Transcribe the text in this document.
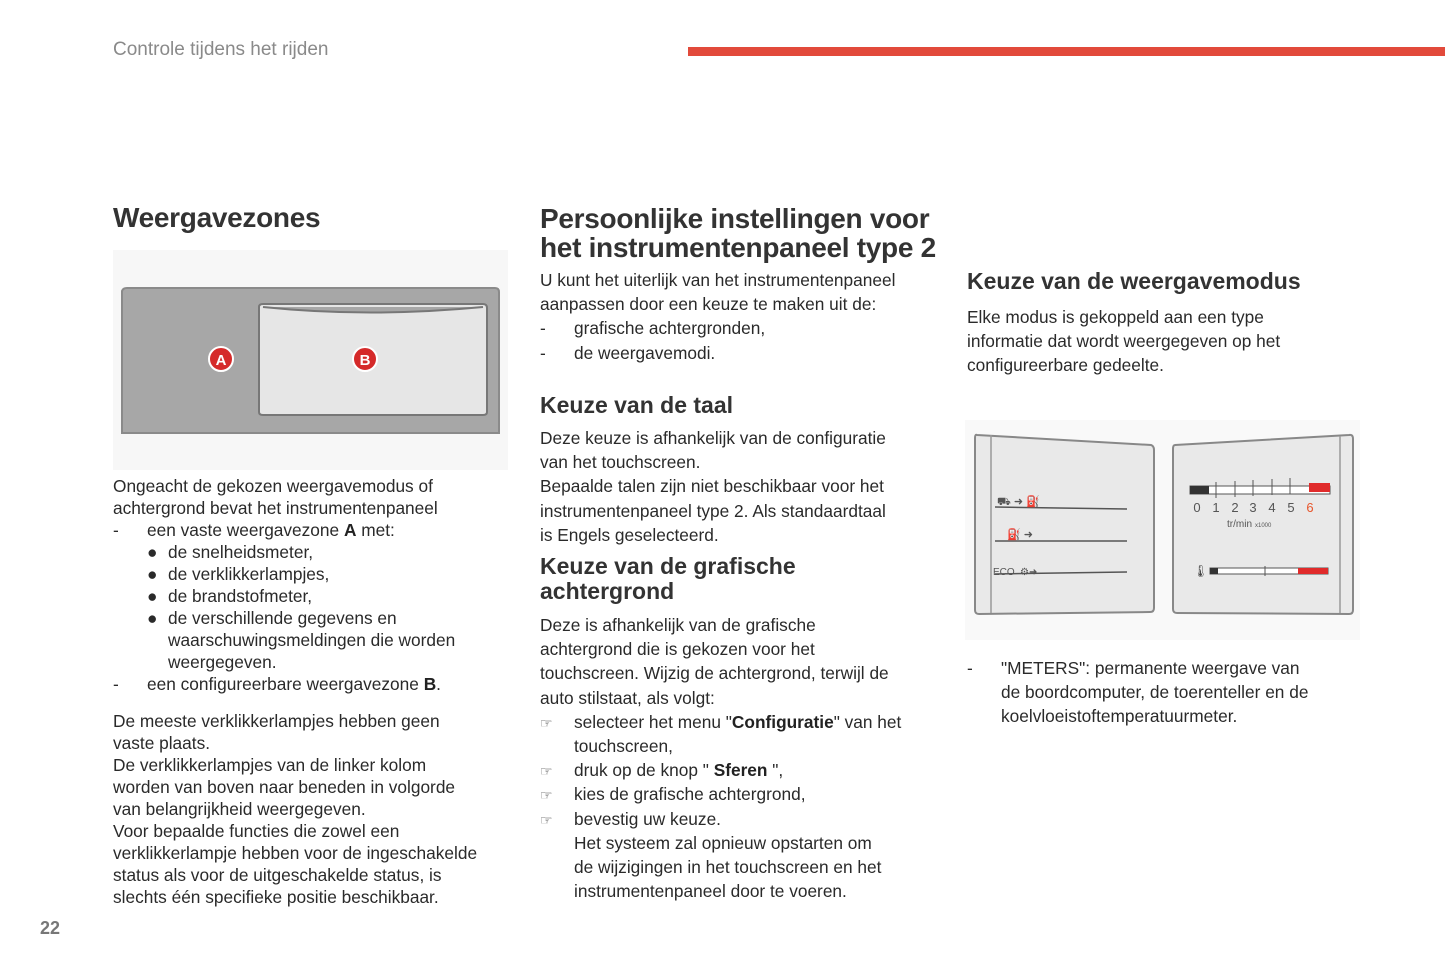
Controle tijdens het rijden
22
Weergavezones
A	B
Ongeacht de gekozen weergavemodus of
achtergrond bevat het instrumentenpaneel
- een vaste weergavezone A met:
● de snelheidsmeter,
● de verklikkerlampjes,
● de brandstofmeter,
● de verschillende gegevens en
waarschuwingsmeldingen die worden
weergegeven.
- een configureerbare weergavezone B.
De meeste verklikkerlampjes hebben geen
vaste plaats.
De verklikkerlampjes van de linker kolom
worden van boven naar beneden in volgorde
van belangrijkheid weergegeven.
Voor bepaalde functies die zowel een
verklikkerlampje hebben voor de ingeschakelde
status als voor de uitgeschakelde status, is
slechts één specifieke positie beschikbaar.
Persoonlijke instellingen voor
het instrumentenpaneel type 2
U kunt het uiterlijk van het instrumentenpaneel
aanpassen door een keuze te maken uit de:
- grafische achtergronden,
- de weergavemodi.
Keuze van de taal
Deze keuze is afhankelijk van de configuratie
van het touchscreen.
Bepaalde talen zijn niet beschikbaar voor het
instrumentenpaneel type 2. Als standaardtaal
is Engels geselecteerd.
Keuze van de grafische
achtergrond
Deze is afhankelijk van de grafische
achtergrond die is gekozen voor het
touchscreen. Wijzig de achtergrond, terwijl de
auto stilstaat, als volgt:
☞ selecteer het menu "Configuratie" van het
touchscreen,
☞ druk op de knop " Sferen ",
☞ kies de grafische achtergrond,
☞ bevestig uw keuze.
Het systeem zal opnieuw opstarten om
de wijzigingen in het touchscreen en het
instrumentenpaneel door te voeren.
Keuze van de weergavemodus
Elke modus is gekoppeld aan een type
informatie dat wordt weergegeven op het
configureerbare gedeelte.
⛟ ➜ ⛽
⛽ ➜
ECO ⚙➜
0 1 2 3 4 5 6
tr/min x1000
🌡
- "METERS": permanente weergave van
de boordcomputer, de toerenteller en de
koelvloeistoftemperatuurmeter.
